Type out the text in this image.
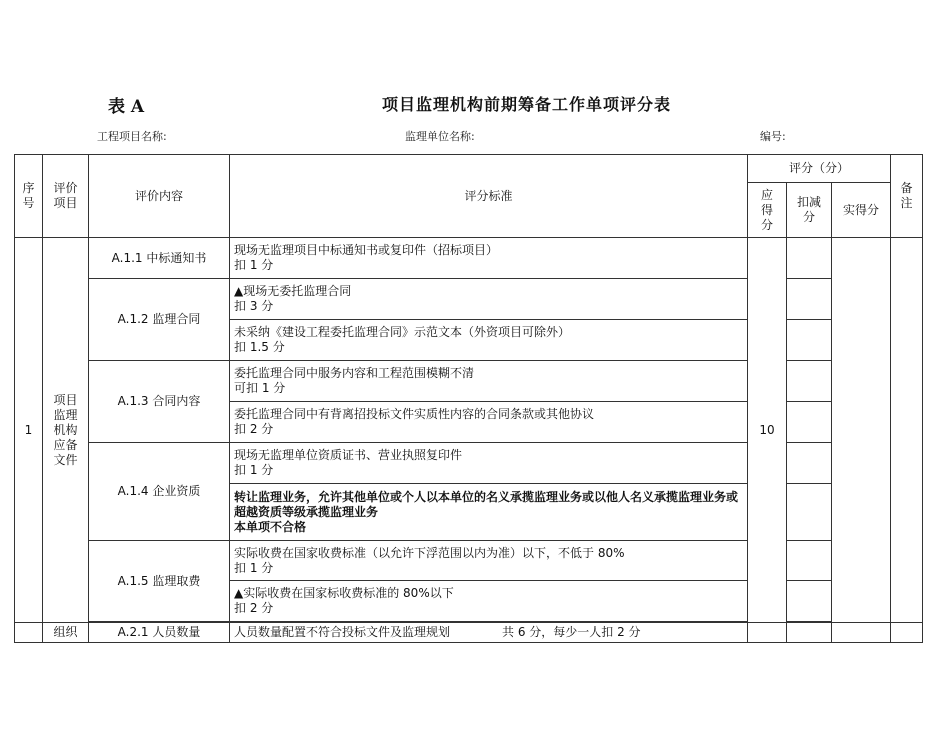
表 A	项目监理机构前期筹备工作单项评分表
工程项目名称:	监理单位名称:	编号:
序号	评价项目	评价内容	评分标准	评分（分）			备注

				应得分	扣减分	实得分	
1	项目监理机构应备文件	A.1.1 中标通知书	现场无监理项目中标通知书或复印件（招标项目）
扣 1 分	10			
		A.1.2 监理合同	▲现场无委托监理合同
扣 3 分				

			未采纳《建设工程委托监理合同》示范文本（外资项目可除外）
扣 1.5 分				

		A.1.3 合同内容	委托监理合同中服务内容和工程范围模糊不清
可扣 1 分				

			委托监理合同中有背离招投标文件实质性内容的合同条款或其他协议
扣 2 分				

		A.1.4 企业资质	现场无监理单位资质证书、营业执照复印件
扣 1 分				

			转让监理业务，允许其他单位或个人以本单位的名义承揽监理业务或以他人名义承揽监理业务或超越资质等级承揽监理业务
本单项不合格				

		A.1.5 监理取费	实际收费在国家收费标准（以允许下浮范围以内为准）以下，不低于 80%
扣 1 分				

			▲实际收费在国家标收费标准的 80%以下
扣 2 分				

	组织	A.2.1 人员数量	人员数量配置不符合投标文件及监理规划 共 6 分，每少一人扣 2 分				
